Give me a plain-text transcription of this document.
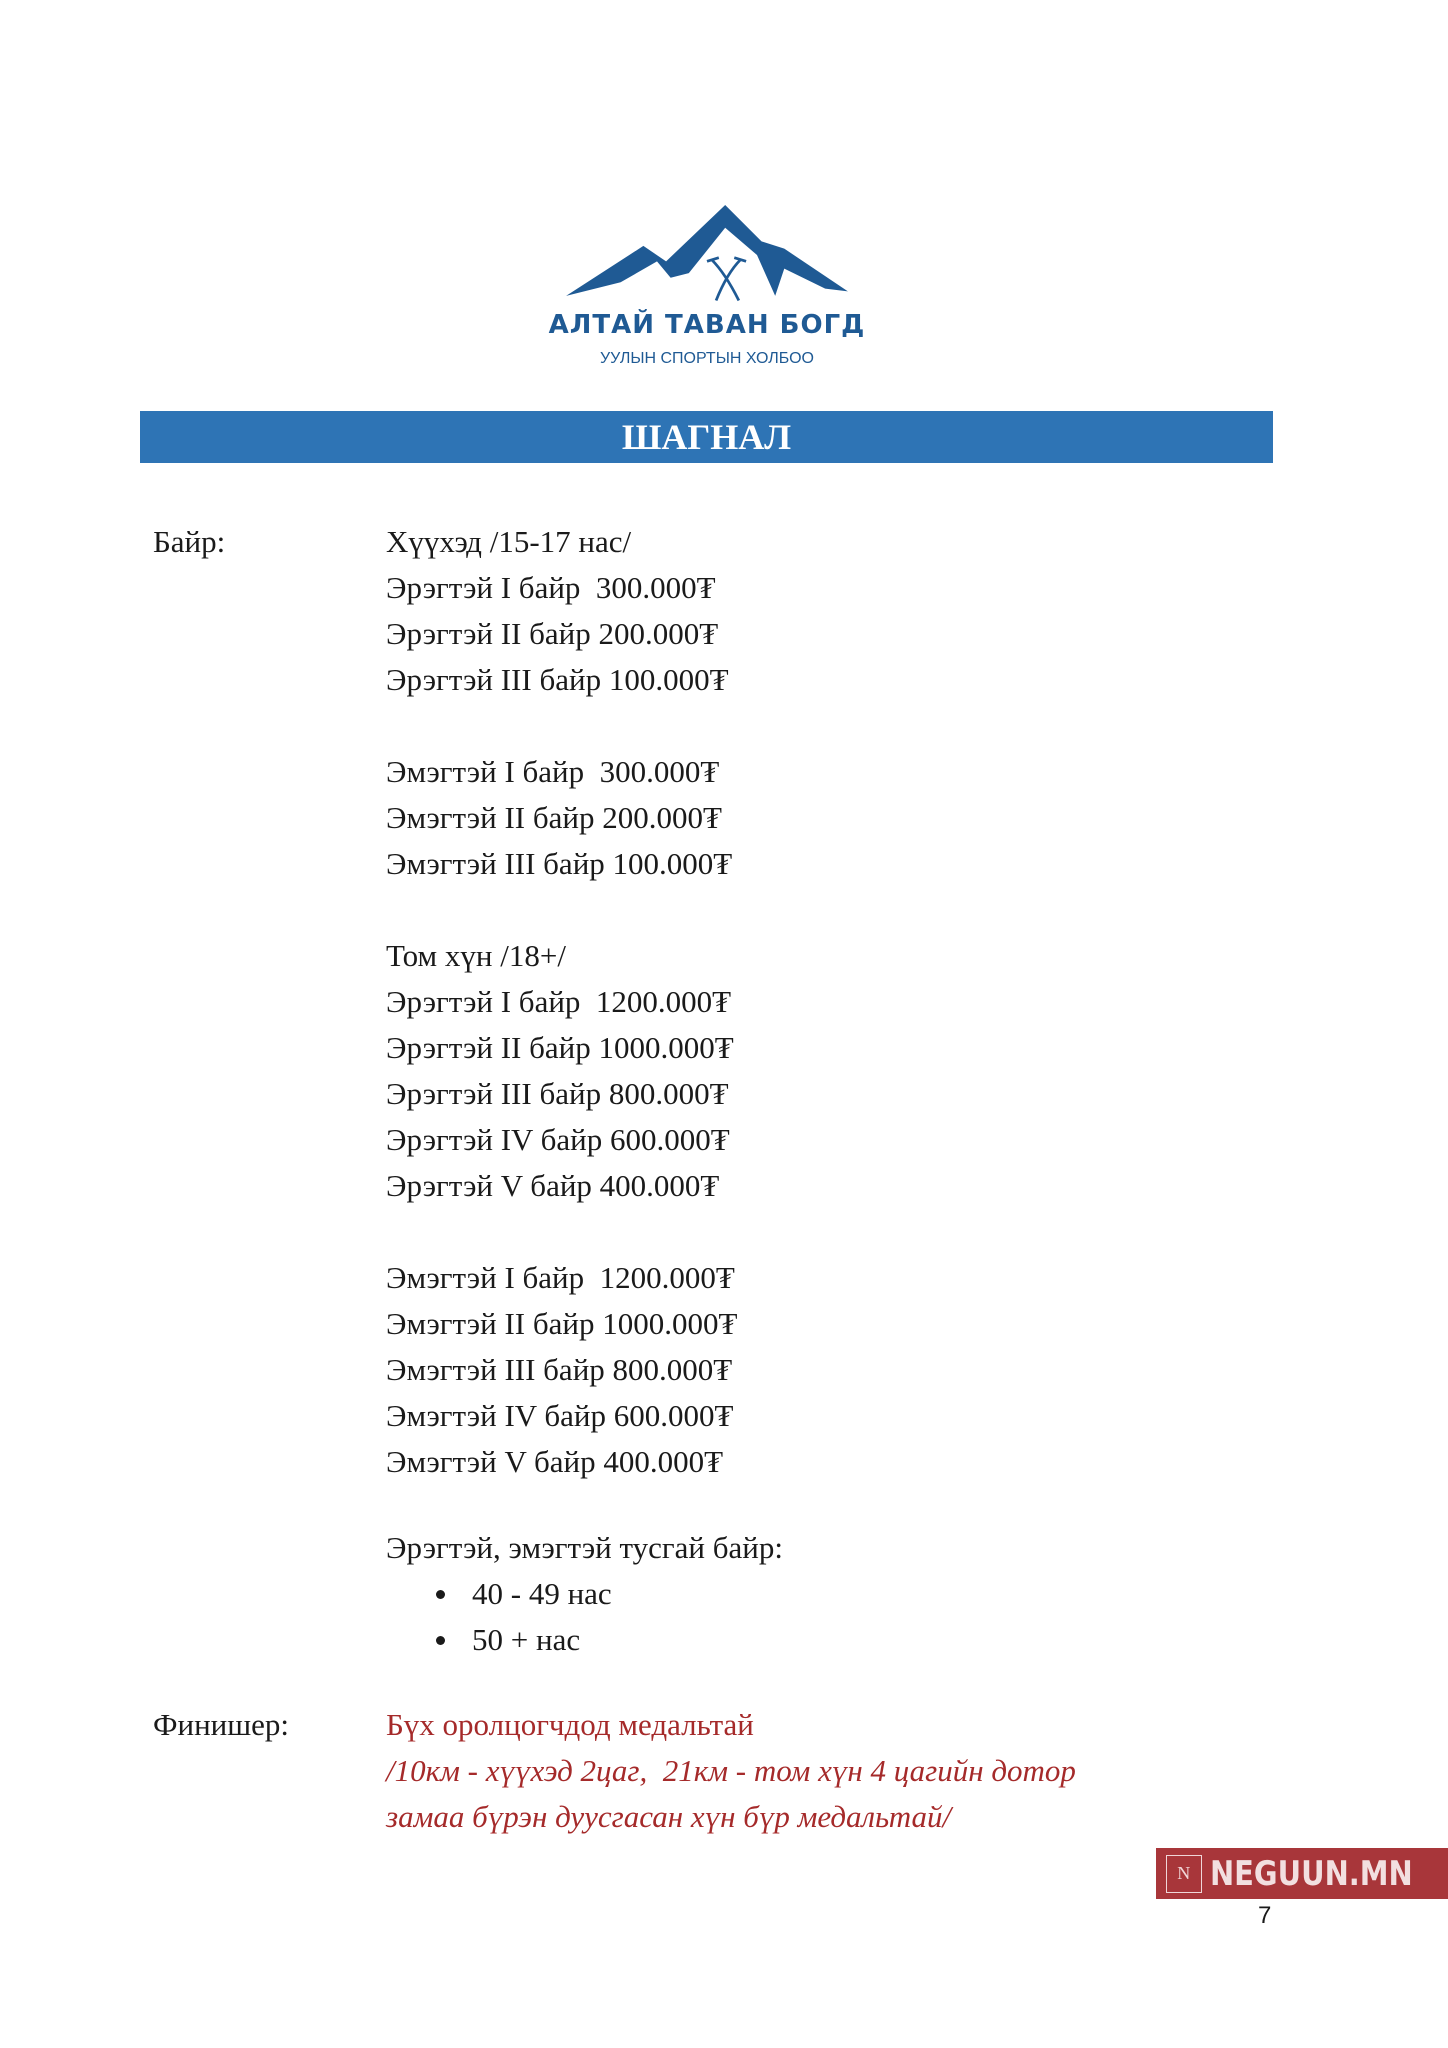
АЛТАЙ ТАВАН БОГД
УУЛЫН СПОРТЫН ХОЛБОО
ШАГНАЛ
Байр:	Хүүхэд /15-17 нас/
Эрэгтэй I байр  300.000₮
Эрэгтэй II байр 200.000₮
Эрэгтэй III байр 100.000₮
Эмэгтэй I байр  300.000₮
Эмэгтэй II байр 200.000₮
Эмэгтэй III байр 100.000₮
Том хүн /18+/
Эрэгтэй I байр  1200.000₮
Эрэгтэй II байр 1000.000₮
Эрэгтэй III байр 800.000₮
Эрэгтэй IV байр 600.000₮
Эрэгтэй V байр 400.000₮
Эмэгтэй I байр  1200.000₮
Эмэгтэй II байр 1000.000₮
Эмэгтэй III байр 800.000₮
Эмэгтэй IV байр 600.000₮
Эмэгтэй V байр 400.000₮
Эрэгтэй, эмэгтэй тусгай байр:
40 - 49 нас
50 + нас
Финишер:	Бүх оролцогчдод медальтай
/10км - хүүхэд 2цаг,  21км - том хүн 4 цагийн дотор
замаа бүрэн дуусгасан хүн бүр медальтай/
N NEGUUN.MN
7
